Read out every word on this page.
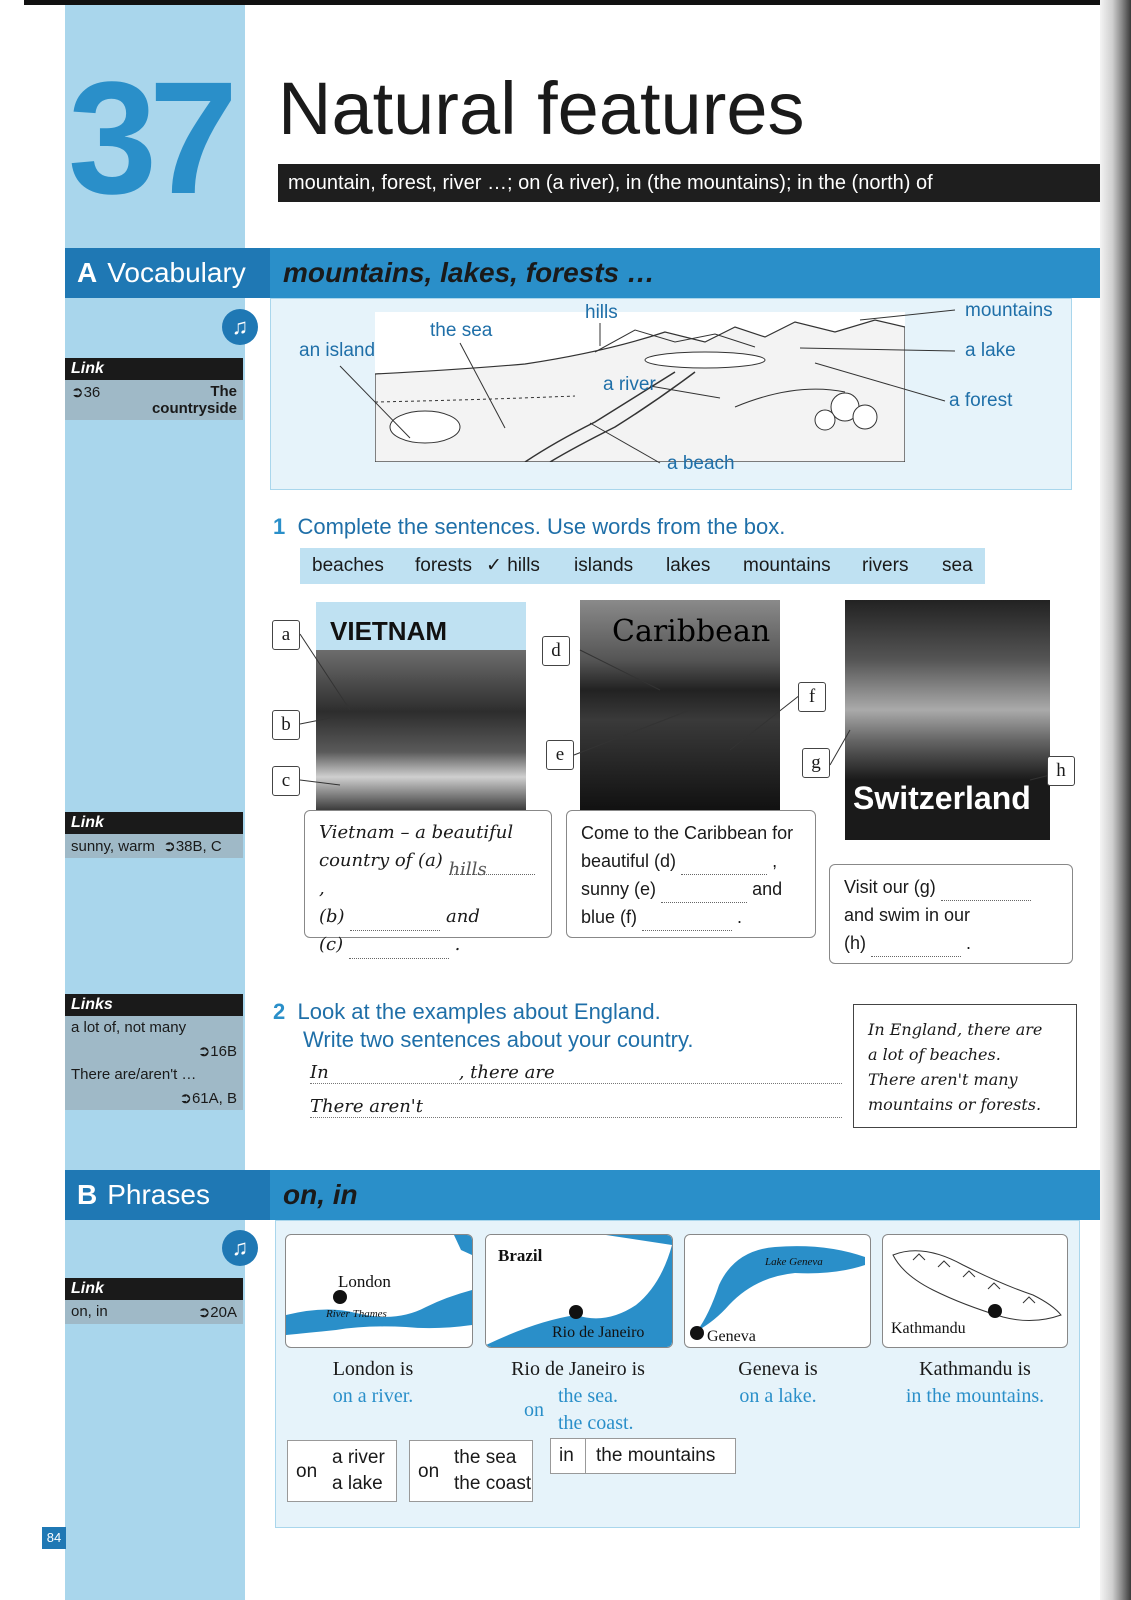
37 Natural features
mountain, forest, river …; on (a river), in (the mountains); in the (north) of
A Vocabulary	mountains, lakes, forests …
♫
Link
➲36	The countryside
an island
the sea
hills
a river
a beach
mountains
a lake
a forest
1 Complete the sentences. Use words from the box.
beaches forests ✓ hills islands lakes mountains rivers sea
VIETNAM	Caribbean
Switzerland
a
b
c
d
e
f
g	h
Vietnam – a beautiful
country of (a) hills ,
(b)	and
(c)	.
Come to the Caribbean for
beautiful (d)	,
sunny (e)	and
blue (f)	.
Visit our (g)
and swim in our
(h)	.
Link
sunny, warm  ➲38B, C
2 Look at the examples about England.
Write two sentences about your country.
In	, there are
There aren't
In England, there are
a lot of beaches.
There aren't many
mountains or forests.
Links
a lot of, not many
➲16B
There are/aren't …
➲61A, B
B Phrases	on, in
♫
Link
on, in	➲20A
London
River Thames
Brazil
Rio de Janeiro
Lake Geneva
Geneva	Kathmandu
London is
on a river.
Rio de Janeiro is
on
the sea.
the coast.
Geneva is
on a lake.
Kathmandu is
in the mountains.
on
a river
a lake
on
the sea
the coast
in the mountains
84
